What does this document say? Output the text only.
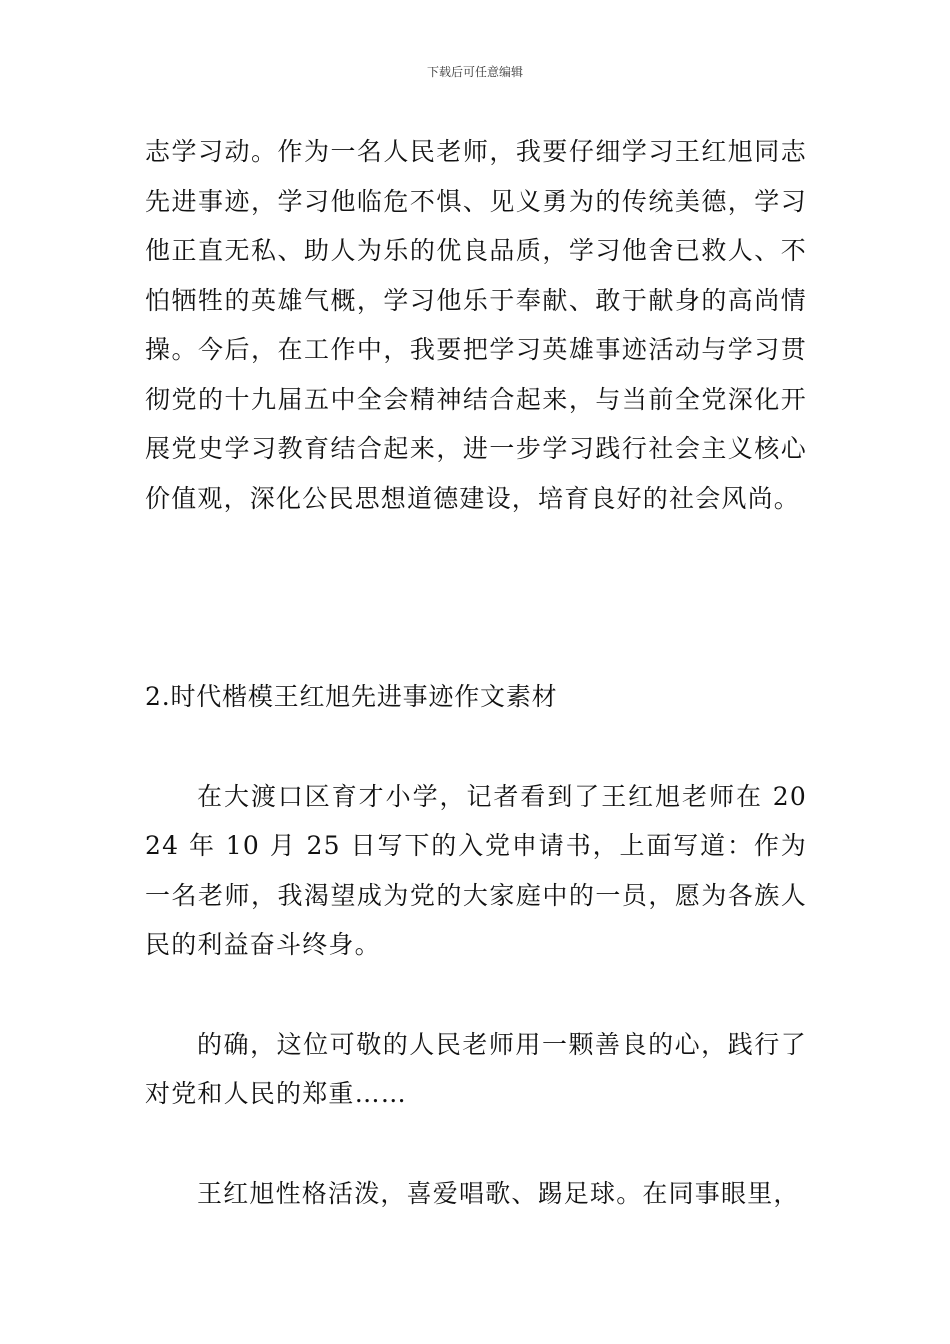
下载后可任意编辑

志学习动。作为一名人民老师，我要仔细学习王红旭同志先进事迹，学习他临危不惧、见义勇为的传统美德，学习他正直无私、助人为乐的优良品质，学习他舍已救人、不怕牺牲的英雄气概，学习他乐于奉献、敢于献身的高尚情操。今后，在工作中，我要把学习英雄事迹活动与学习贯彻党的十九届五中全会精神结合起来，与当前全党深化开展党史学习教育结合起来，进一步学习践行社会主义核心价值观，深化公民思想道德建设，培育良好的社会风尚。

2.时代楷模王红旭先进事迹作文素材

在大渡口区育才小学，记者看到了王红旭老师在 2024 年 10 月 25 日写下的入党申请书，上面写道：作为一名老师，我渴望成为党的大家庭中的一员，愿为各族人民的利益奋斗终身。

的确，这位可敬的人民老师用一颗善良的心，践行了对党和人民的郑重……

王红旭性格活泼，喜爱唱歌、踢足球。在同事眼里，
